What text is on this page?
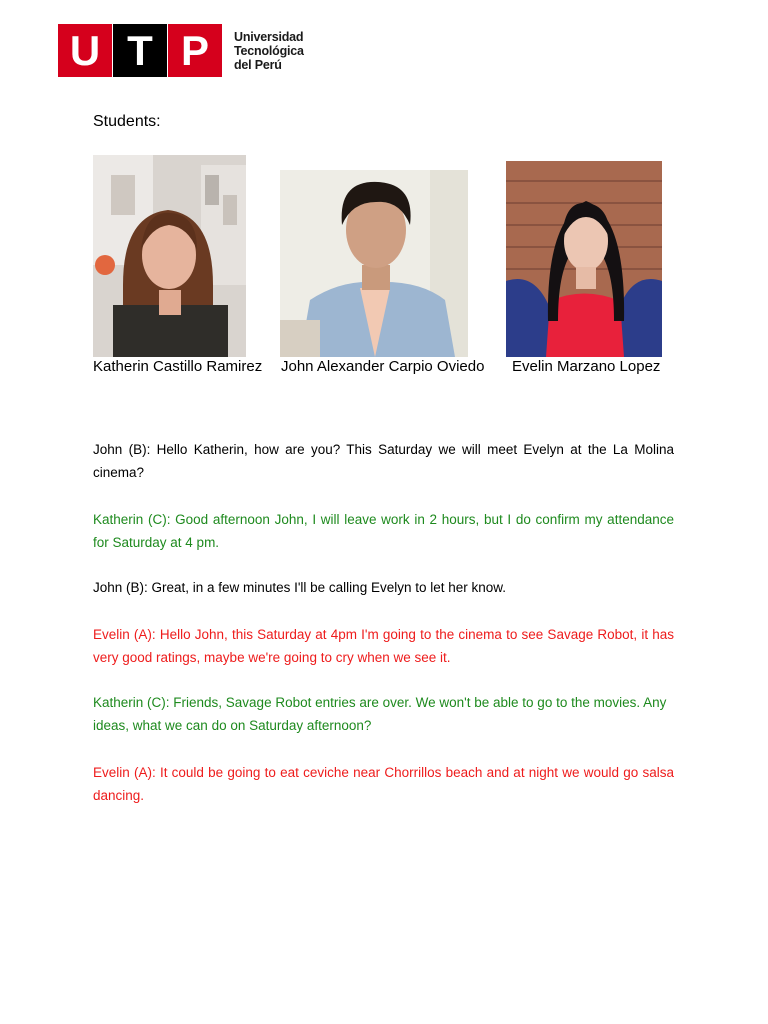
U T P	Universidad
Tecnológica
del Perú
Students:
Katherin Castillo Ramirez John Alexander Carpio Oviedo Evelin Marzano Lopez
John (B): Hello Katherin, how are you? This Saturday we will meet Evelyn at the La Molina cinema?
Katherin (C): Good afternoon John, I will leave work in 2 hours, but I do confirm my attendance for Saturday at 4 pm.
John (B): Great, in a few minutes I'll be calling Evelyn to let her know.
Evelin (A): Hello John, this Saturday at 4pm I'm going to the cinema to see Savage Robot, it has very good ratings, maybe we're going to cry when we see it.
Katherin (C): Friends, Savage Robot entries are over. We won't be able to go to the movies. Any ideas, what we can do on Saturday afternoon?
Evelin (A): It could be going to eat ceviche near Chorrillos beach and at night we would go salsa dancing.
